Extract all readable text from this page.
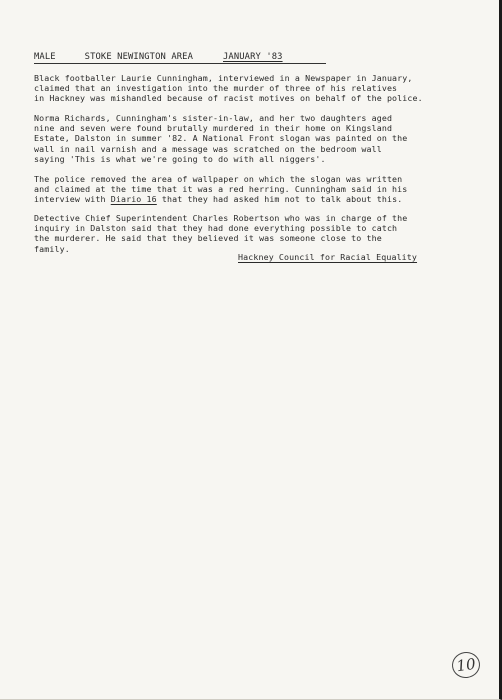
MALE	STOKE NEWINGTON AREA	JANUARY '83
Black footballer Laurie Cunningham, interviewed in a Newspaper in January,
claimed that an investigation into the murder of three of his relatives
in Hackney was mishandled because of racist motives on behalf of the police.
Norma Richards, Cunningham's sister-in-law, and her two daughters aged
nine and seven were found brutally murdered in their home on Kingsland
Estate, Dalston in summer '82. A National Front slogan was painted on the
wall in nail varnish and a message was scratched on the bedroom wall
saying 'This is what we're going to do with all niggers'.
The police removed the area of wallpaper on which the slogan was written
and claimed at the time that it was a red herring. Cunningham said in his
interview with Diario 16 that they had asked him not to talk about this.
Detective Chief Superintendent Charles Robertson who was in charge of the
inquiry in Dalston said that they had done everything possible to catch
the murderer. He said that they believed it was someone close to the
family.
Hackney Council for Racial Equality
10
